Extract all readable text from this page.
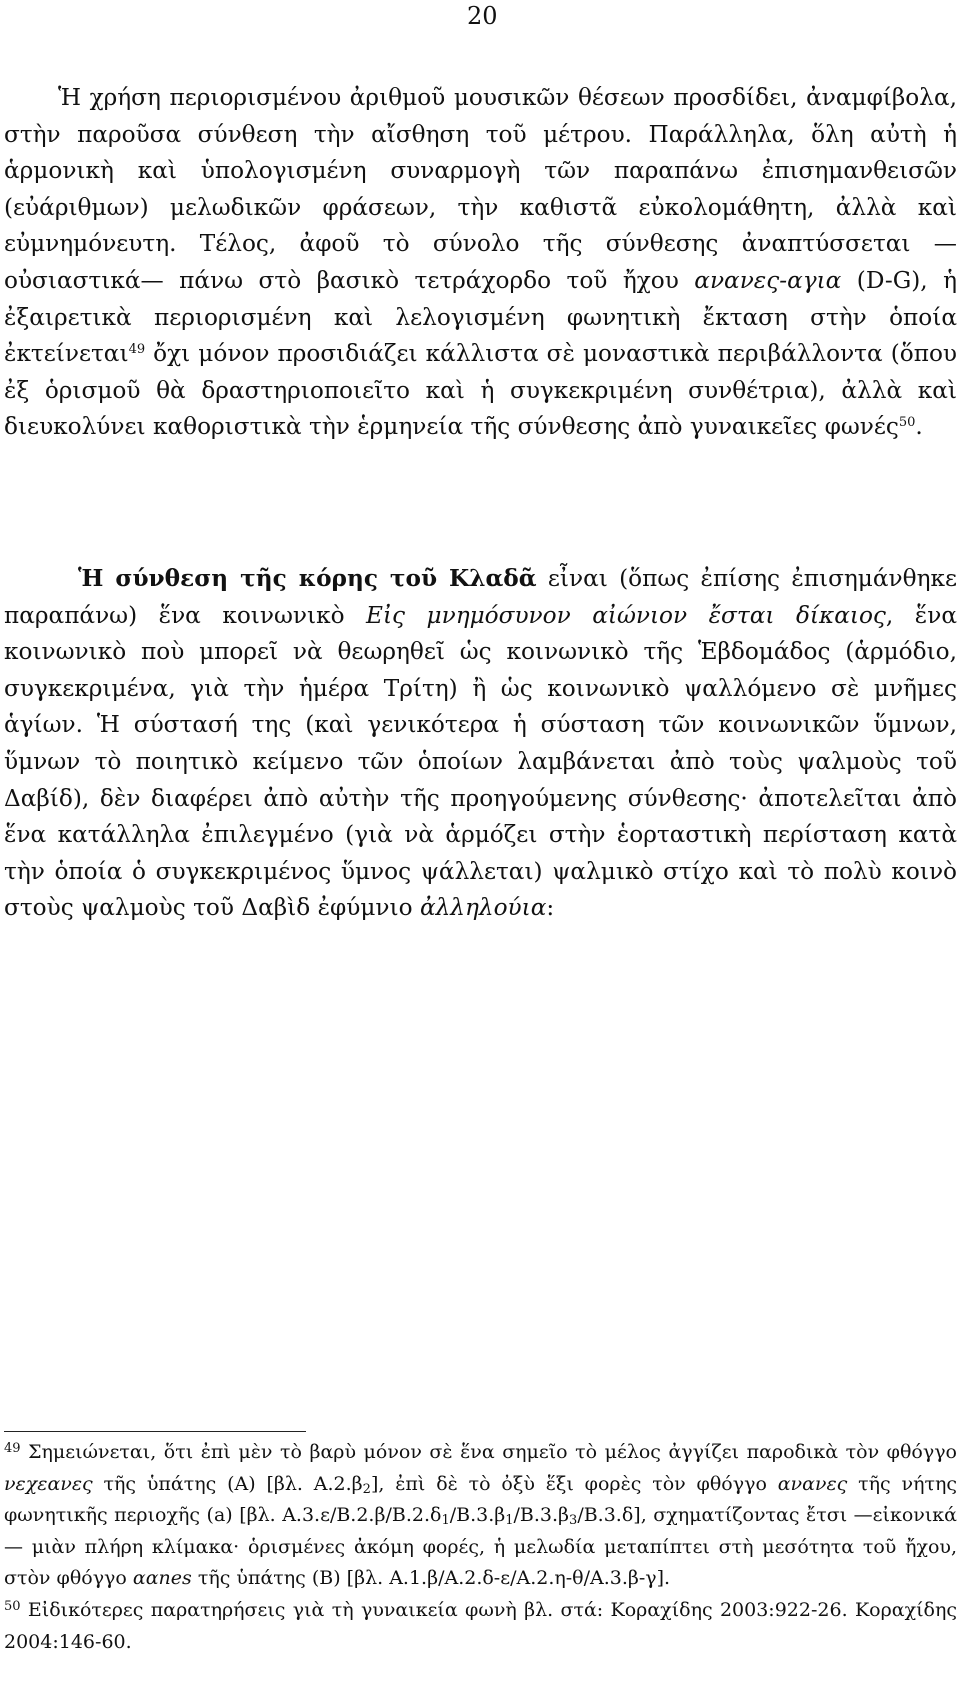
20

Ἡ χρήση περιορισμένου ἀριθμοῦ μουσικῶν θέσεων προσδίδει, ἀναμφίβολα, στὴν παροῦσα σύνθεση τὴν αἴσθηση τοῦ μέτρου. Παράλληλα, ὅλη αὐτὴ ἡ ἁρμονικὴ καὶ ὑπολογισμένη συναρμογὴ τῶν παραπάνω ἐπισημανθεισῶν (εὐάριθμων) μελωδικῶν φράσεων, τὴν καθιστᾶ εὐκολομάθητη, ἀλλὰ καὶ εὐμνημόνευτη. Τέλος, ἀφοῦ τὸ σύνολο τῆς σύνθεσης ἀναπτύσσεται —οὐσιαστικά— πάνω στὸ βασικὸ τετράχορδο τοῦ ἤχου ανανες-αγια (D-G), ἡ ἐξαιρετικὰ περιορισμένη καὶ λελογισμένη φωνητικὴ ἔκταση στὴν ὁποία ἐκτείνεται$^{49}$ ὄχι μόνον προσιδιάζει κάλλιστα σὲ μοναστικὰ περιβάλλοντα (ὅπου ἐξ ὁρισμοῦ θὰ δραστηριοποιεῖτο καὶ ἡ συγκεκριμένη συνθέτρια), ἀλλὰ καὶ διευκολύνει καθοριστικὰ τὴν ἑρμηνεία τῆς σύνθεσης ἀπὸ γυναικεῖες φωνές$^{50}$.

Ἡ σύνθεση τῆς κόρης τοῦ Κλαδᾶ εἶναι (ὅπως ἐπίσης ἐπισημάνθηκε παραπάνω) ἕνα κοινωνικὸ Εἰς μνημόσυνον αἰώνιον ἔσται δίκαιος, ἕνα κοινωνικὸ ποὺ μπορεῖ νὰ θεωρηθεῖ ὡς κοινωνικὸ τῆς Ἑβδομάδος (ἁρμόδιο, συγκεκριμένα, γιὰ τὴν ἡμέρα Τρίτη) ἢ ὡς κοινωνικὸ ψαλλόμενο σὲ μνῆμες ἁγίων. Ἡ σύστασή της (καὶ γενικότερα ἡ σύσταση τῶν κοινωνικῶν ὕμνων, ὕμνων τὸ ποιητικὸ κείμενο τῶν ὁποίων λαμβάνεται ἀπὸ τοὺς ψαλμοὺς τοῦ Δαβίδ), δὲν διαφέρει ἀπὸ αὐτὴν τῆς προηγούμενης σύνθεσης· ἀποτελεῖται ἀπὸ ἕνα κατάλληλα ἐπιλεγμένο (γιὰ νὰ ἁρμόζει στὴν ἑορταστικὴ περίσταση κατὰ τὴν ὁποία ὁ συγκεκριμένος ὕμνος ψάλλεται) ψαλμικὸ στίχο καὶ τὸ πολὺ κοινὸ στοὺς ψαλμοὺς τοῦ Δαβὶδ ἐφύμνιο ἀλληλούια:

$^{49}$ Σημειώνεται, ὅτι ἐπὶ μὲν τὸ βαρὺ μόνον σὲ ἕνα σημεῖο τὸ μέλος ἀγγίζει παροδικὰ τὸν φθόγγο νεχεανες τῆς ὑπάτης (A) [βλ. $A.2.\beta_2$], ἐπὶ δὲ τὸ ὀξὺ ἕξι φορὲς τὸν φθόγγο ανανες τῆς νήτης φωνητικῆς περιοχῆς (a) [βλ. $A.3.\varepsilon/B.2.\beta/B.2.\delta_1/B.3.\beta_1/B.3.\beta_3/B.3.\delta$], σχηματίζοντας ἔτσι —εἰκονικά— μιὰν πλήρη κλίμακα· ὁρισμένες ἀκόμη φορές, ἡ μελωδία μεταπίπτει στὴ μεσότητα τοῦ ἤχου, στὸν φθόγγο ααnes τῆς ὑπάτης (B) [βλ. Α.1.β/Α.2.δ-ε/Α.2.η-θ/Α.3.β-γ].

$^{50}$ Εἰδικότερες παρατηρήσεις γιὰ τὴ γυναικεία φωνὴ βλ. στά: Κοραχίδης 2003:922-26. Κοραχίδης 2004:146-60.
